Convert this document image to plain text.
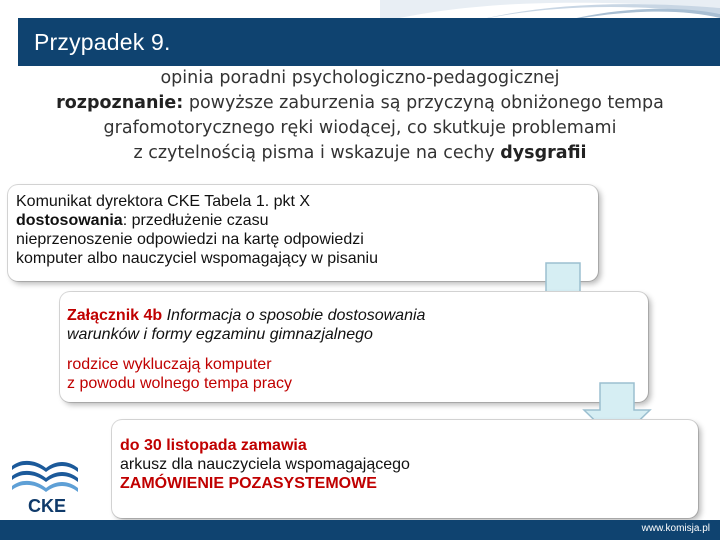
Przypadek 9.
opinia poradni psychologiczno-pedagogicznej
rozpoznanie: powyższe zaburzenia są przyczyną obniżonego tempa
grafomotorycznego ręki wiodącej, co skutkuje problemami
z czytelnością pisma i wskazuje na cechy dysgrafii
Komunikat dyrektora CKE Tabela 1. pkt X
dostosowania: przedłużenie czasu
nieprzenoszenie odpowiedzi na kartę odpowiedzi
komputer albo nauczyciel wspomagający w pisaniu
Załącznik 4b Informacja o sposobie dostosowania
warunków i formy egzaminu gimnazjalnego
rodzice wykluczają komputer
z powodu wolnego tempa pracy
do 30 listopada zamawia
arkusz dla nauczyciela wspomagającego
ZAMÓWIENIE POZASYSTEMOWE
CKE
www.komisja.pl
